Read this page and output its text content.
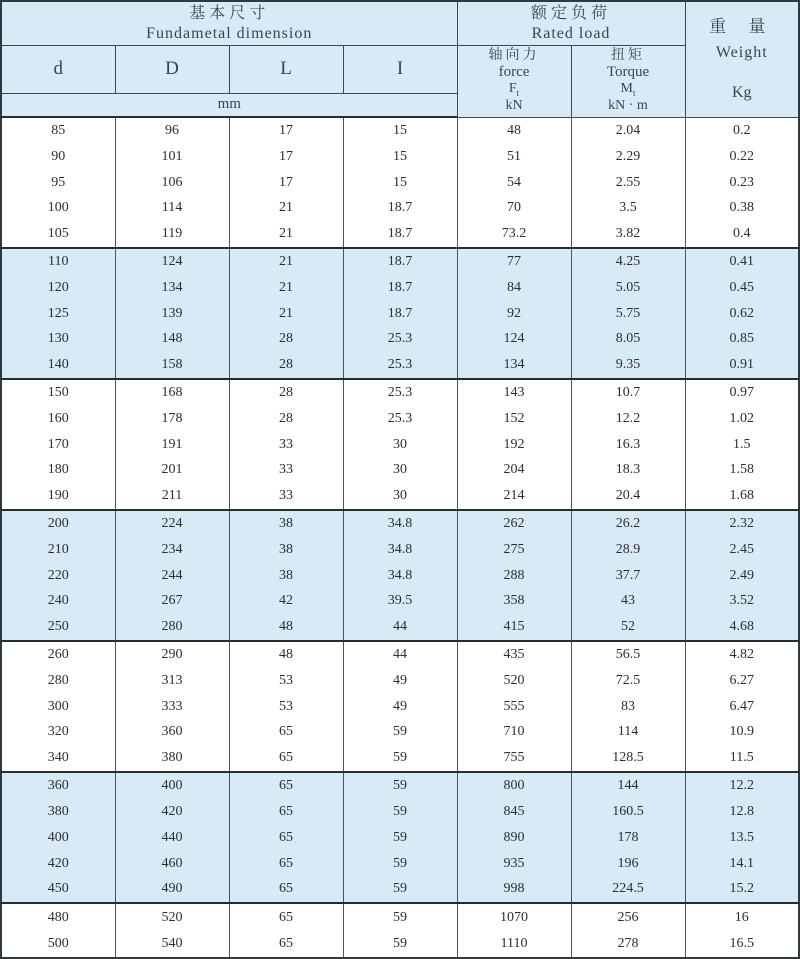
基本尺寸
Fundametal dimension

额定负荷
Rated load	重 量
Weight
Kg

d	D	L	I	
轴向力
force
$F_t$
kN

扭矩
Torque
$M_t$
kN · m

mm						
85	96	17	15	48	2.04	0.2
90	101	17	15	51	2.29	0.22
95	106	17	15	54	2.55	0.23
100	114	21	18.7	70	3.5	0.38
105	119	21	18.7	73.2	3.82	0.4
110	124	21	18.7	77	4.25	0.41
120	134	21	18.7	84	5.05	0.45
125	139	21	18.7	92	5.75	0.62
130	148	28	25.3	124	8.05	0.85
140	158	28	25.3	134	9.35	0.91
150	168	28	25.3	143	10.7	0.97
160	178	28	25.3	152	12.2	1.02
170	191	33	30	192	16.3	1.5
180	201	33	30	204	18.3	1.58
190	211	33	30	214	20.4	1.68
200	224	38	34.8	262	26.2	2.32
210	234	38	34.8	275	28.9	2.45
220	244	38	34.8	288	37.7	2.49
240	267	42	39.5	358	43	3.52
250	280	48	44	415	52	4.68
260	290	48	44	435	56.5	4.82
280	313	53	49	520	72.5	6.27
300	333	53	49	555	83	6.47
320	360	65	59	710	114	10.9
340	380	65	59	755	128.5	11.5
360	400	65	59	800	144	12.2
380	420	65	59	845	160.5	12.8
400	440	65	59	890	178	13.5
420	460	65	59	935	196	14.1
450	490	65	59	998	224.5	15.2
480	520	65	59	1070	256	16
500	540	65	59	1110	278	16.5
